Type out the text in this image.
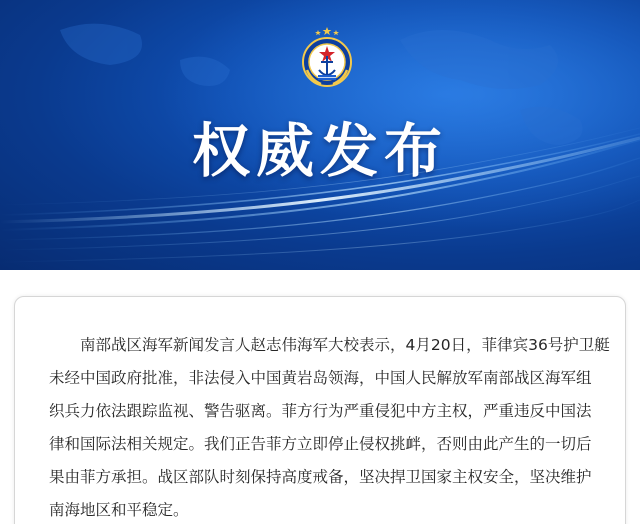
权威发布
　　南部战区海军新闻发言人赵志伟海军大校表示，4月20日，菲律宾36号护卫艇
未经中国政府批准，非法侵入中国黄岩岛领海，中国人民解放军南部战区海军组
织兵力依法跟踪监视、警告驱离。菲方行为严重侵犯中方主权，严重违反中国法
律和国际法相关规定。我们正告菲方立即停止侵权挑衅，否则由此产生的一切后
果由菲方承担。战区部队时刻保持高度戒备，坚决捍卫国家主权安全，坚决维护
南海地区和平稳定。
